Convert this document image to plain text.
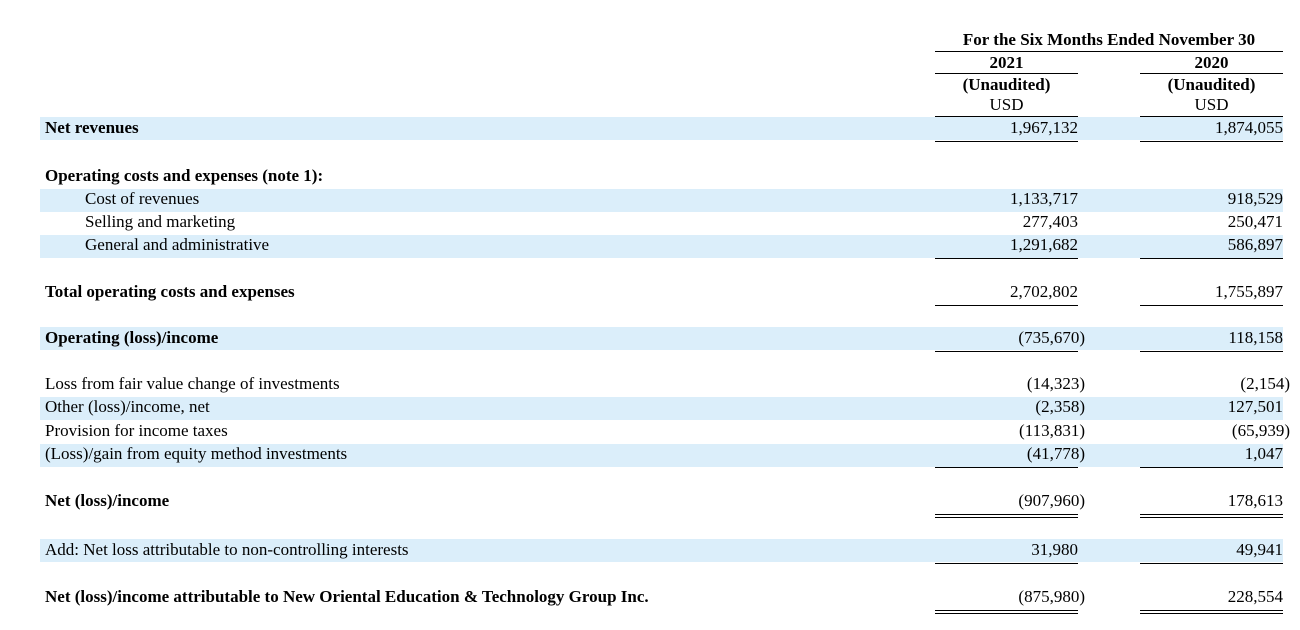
For the Six Months Ended November 30
2021	2020
(Unaudited)	(Unaudited)
USD	USD
Net revenues	1,967,132	1,874,055
Operating costs and expenses (note 1):
Cost of revenues	1,133,717	918,529
Selling and marketing	277,403	250,471
General and administrative	1,291,682	586,897
Total operating costs and expenses	2,702,802	1,755,897
Operating (loss)/income	(735,670)	118,158
Loss from fair value change of investments	(14,323)	(2,154)
Other (loss)/income, net	(2,358)	127,501
Provision for income taxes	(113,831)	(65,939)
(Loss)/gain from equity method investments	(41,778)	1,047
Net (loss)/income	(907,960)	178,613
Add: Net loss attributable to non-controlling interests	31,980	49,941
Net (loss)/income attributable to New Oriental Education & Technology Group Inc.	(875,980)	228,554
